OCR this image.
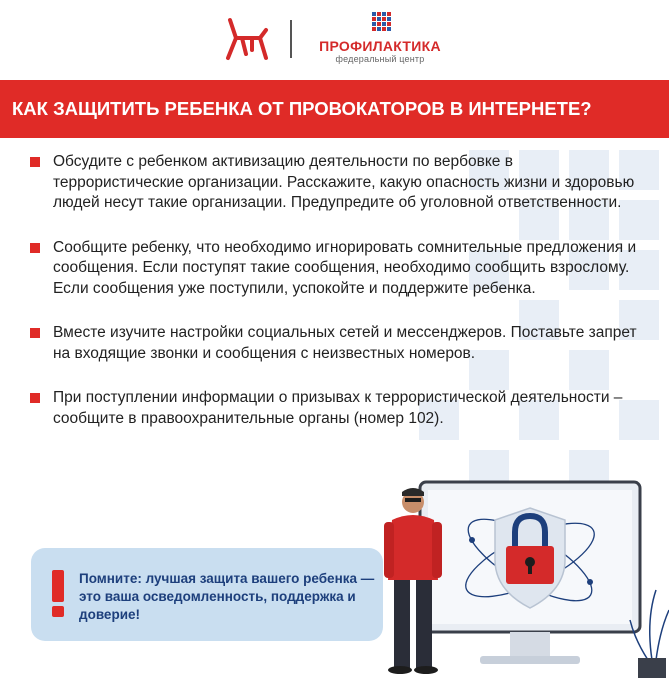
ПРОФИЛАКТИКА
федеральный центр
КАК ЗАЩИТИТЬ РЕБЕНКА ОТ ПРОВОКАТОРОВ В ИНТЕРНЕТЕ?
Обсудите с ребенком активизацию деятельности по вербовке в террористические организации. Расскажите, какую опасность жизни и здоровью людей несут такие организации. Предупредите об уголовной ответственности.
Сообщите ребенку, что необходимо игнорировать сомнительные предложения и сообщения. Если поступят такие сообщения, необходимо сообщить взрослому. Если сообщения уже поступили, успокойте и поддержите ребенка.
Вместе изучите настройки социальных сетей и мессенджеров. Поставьте запрет на входящие звонки и сообщения с неизвестных номеров.
При поступлении информации о призывах к террористической деятельности – сообщите в правоохранительные органы (номер 102).
Помните: лучшая защита вашего ребенка — это ваша осведомленность, поддержка и доверие!
